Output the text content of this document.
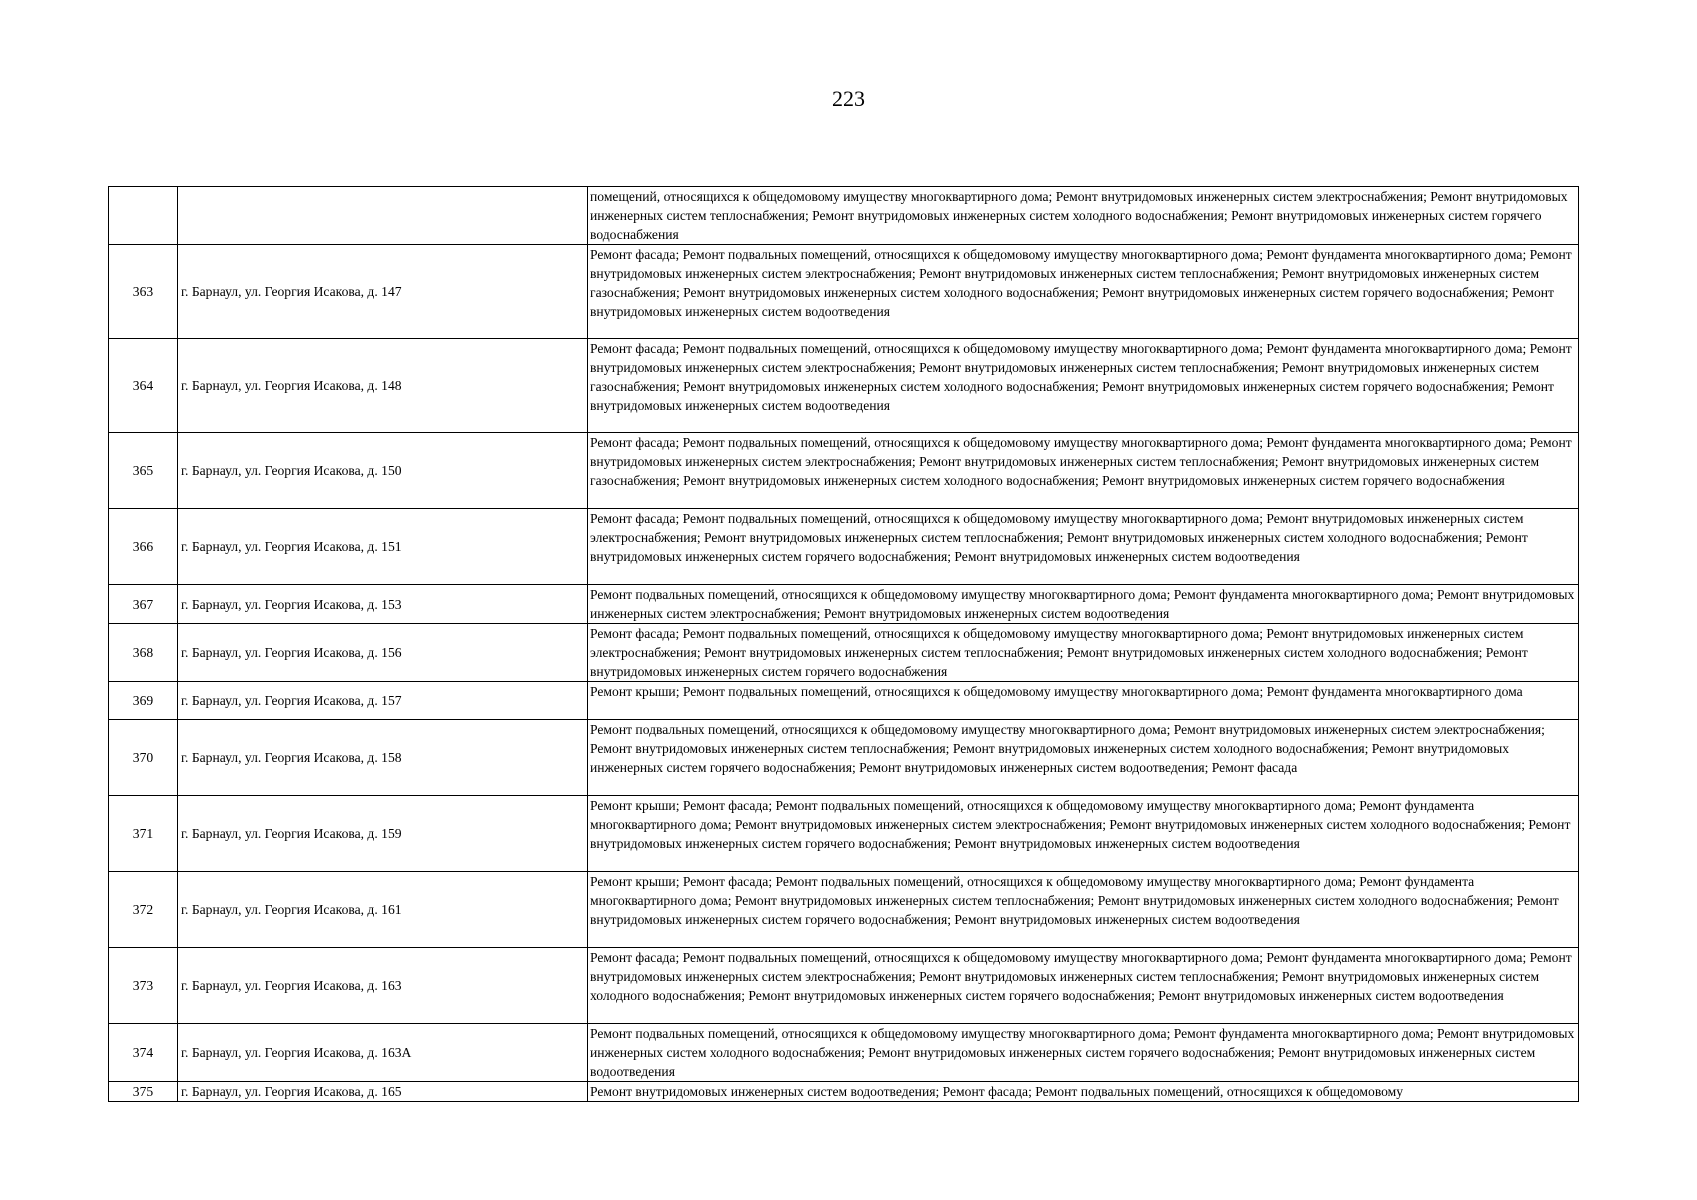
223
		помещений, относящихся к общедомовому имуществу многоквартирного дома; Ремонт внутридомовых инженерных систем электроснабжения; Ремонт внутридомовых инженерных систем теплоснабжения; Ремонт внутридомовых инженерных систем холодного водоснабжения; Ремонт внутридомовых инженерных систем горячего водоснабжения
363	г. Барнаул, ул. Георгия Исакова, д. 147	Ремонт фасада; Ремонт подвальных помещений, относящихся к общедомовому имуществу многоквартирного дома; Ремонт фундамента многоквартирного дома; Ремонт внутридомовых инженерных систем электроснабжения; Ремонт внутридомовых инженерных систем теплоснабжения; Ремонт внутридомовых инженерных систем газоснабжения; Ремонт внутридомовых инженерных систем холодного водоснабжения; Ремонт внутридомовых инженерных систем горячего водоснабжения; Ремонт внутридомовых инженерных систем водоотведения
364	г. Барнаул, ул. Георгия Исакова, д. 148	Ремонт фасада; Ремонт подвальных помещений, относящихся к общедомовому имуществу многоквартирного дома; Ремонт фундамента многоквартирного дома; Ремонт внутридомовых инженерных систем электроснабжения; Ремонт внутридомовых инженерных систем теплоснабжения; Ремонт внутридомовых инженерных систем газоснабжения; Ремонт внутридомовых инженерных систем холодного водоснабжения; Ремонт внутридомовых инженерных систем горячего водоснабжения; Ремонт внутридомовых инженерных систем водоотведения
365	г. Барнаул, ул. Георгия Исакова, д. 150	Ремонт фасада; Ремонт подвальных помещений, относящихся к общедомовому имуществу многоквартирного дома; Ремонт фундамента многоквартирного дома; Ремонт внутридомовых инженерных систем электроснабжения; Ремонт внутридомовых инженерных систем теплоснабжения; Ремонт внутридомовых инженерных систем газоснабжения; Ремонт внутридомовых инженерных систем холодного водоснабжения; Ремонт внутридомовых инженерных систем горячего водоснабжения
366	г. Барнаул, ул. Георгия Исакова, д. 151	Ремонт фасада; Ремонт подвальных помещений, относящихся к общедомовому имуществу многоквартирного дома; Ремонт внутридомовых инженерных систем электроснабжения; Ремонт внутридомовых инженерных систем теплоснабжения; Ремонт внутридомовых инженерных систем холодного водоснабжения; Ремонт внутридомовых инженерных систем горячего водоснабжения; Ремонт внутридомовых инженерных систем водоотведения
367	г. Барнаул, ул. Георгия Исакова, д. 153	Ремонт подвальных помещений, относящихся к общедомовому имуществу многоквартирного дома; Ремонт фундамента многоквартирного дома; Ремонт внутридомовых инженерных систем электроснабжения; Ремонт внутридомовых инженерных систем водоотведения
368	г. Барнаул, ул. Георгия Исакова, д. 156	Ремонт фасада; Ремонт подвальных помещений, относящихся к общедомовому имуществу многоквартирного дома; Ремонт внутридомовых инженерных систем электроснабжения; Ремонт внутридомовых инженерных систем теплоснабжения; Ремонт внутридомовых инженерных систем холодного водоснабжения; Ремонт внутридомовых инженерных систем горячего водоснабжения
369	г. Барнаул, ул. Георгия Исакова, д. 157	Ремонт крыши; Ремонт подвальных помещений, относящихся к общедомовому имуществу многоквартирного дома; Ремонт фундамента многоквартирного дома
370	г. Барнаул, ул. Георгия Исакова, д. 158	Ремонт подвальных помещений, относящихся к общедомовому имуществу многоквартирного дома; Ремонт внутридомовых инженерных систем электроснабжения; Ремонт внутридомовых инженерных систем теплоснабжения; Ремонт внутридомовых инженерных систем холодного водоснабжения; Ремонт внутридомовых инженерных систем горячего водоснабжения; Ремонт внутридомовых инженерных систем водоотведения; Ремонт фасада
371	г. Барнаул, ул. Георгия Исакова, д. 159	Ремонт крыши; Ремонт фасада; Ремонт подвальных помещений, относящихся к общедомовому имуществу многоквартирного дома; Ремонт фундамента многоквартирного дома; Ремонт внутридомовых инженерных систем электроснабжения; Ремонт внутридомовых инженерных систем холодного водоснабжения; Ремонт внутридомовых инженерных систем горячего водоснабжения; Ремонт внутридомовых инженерных систем водоотведения
372	г. Барнаул, ул. Георгия Исакова, д. 161	Ремонт крыши; Ремонт фасада; Ремонт подвальных помещений, относящихся к общедомовому имуществу многоквартирного дома; Ремонт фундамента многоквартирного дома; Ремонт внутридомовых инженерных систем теплоснабжения; Ремонт внутридомовых инженерных систем холодного водоснабжения; Ремонт внутридомовых инженерных систем горячего водоснабжения; Ремонт внутридомовых инженерных систем водоотведения
373	г. Барнаул, ул. Георгия Исакова, д. 163	Ремонт фасада; Ремонт подвальных помещений, относящихся к общедомовому имуществу многоквартирного дома; Ремонт фундамента многоквартирного дома; Ремонт внутридомовых инженерных систем электроснабжения; Ремонт внутридомовых инженерных систем теплоснабжения; Ремонт внутридомовых инженерных систем холодного водоснабжения; Ремонт внутридомовых инженерных систем горячего водоснабжения; Ремонт внутридомовых инженерных систем водоотведения
374	г. Барнаул, ул. Георгия Исакова, д. 163А	Ремонт подвальных помещений, относящихся к общедомовому имуществу многоквартирного дома; Ремонт фундамента многоквартирного дома; Ремонт внутридомовых инженерных систем холодного водоснабжения; Ремонт внутридомовых инженерных систем горячего водоснабжения; Ремонт внутридомовых инженерных систем водоотведения
375	г. Барнаул, ул. Георгия Исакова, д. 165	Ремонт внутридомовых инженерных систем водоотведения; Ремонт фасада; Ремонт подвальных помещений, относящихся к общедомовому
